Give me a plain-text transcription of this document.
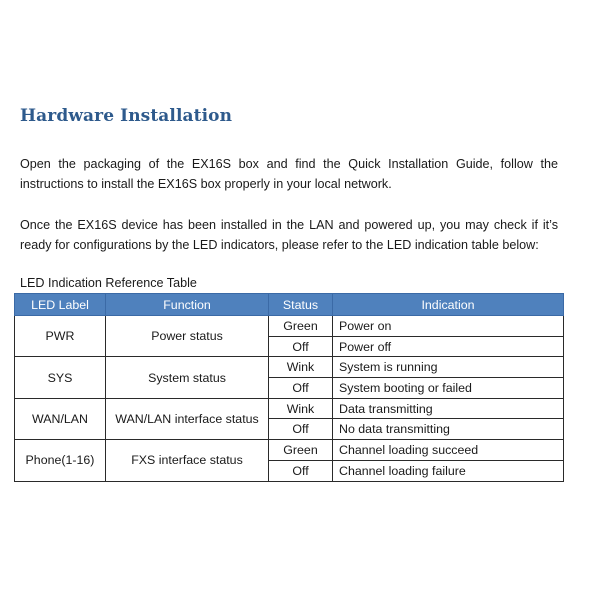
Hardware Installation

Open the packaging of the EX16S box and find the Quick Installation Guide, follow the instructions to install the EX16S box properly in your local network.

Once the EX16S device has been installed in the LAN and powered up, you may check if it’s ready for configurations by the LED indicators, please refer to the LED indication table below:

LED Indication Reference Table
LED Label	Function	Status	Indication
PWR	Power status	Green	Power on
		Off	Power off
SYS	System status	Wink	System is running
		Off	System booting or failed
WAN/LAN	WAN/LAN interface status	Wink	Data transmitting
		Off	No data transmitting
Phone(1-16)	FXS interface status	Green	Channel loading succeed
		Off	Channel loading failure
